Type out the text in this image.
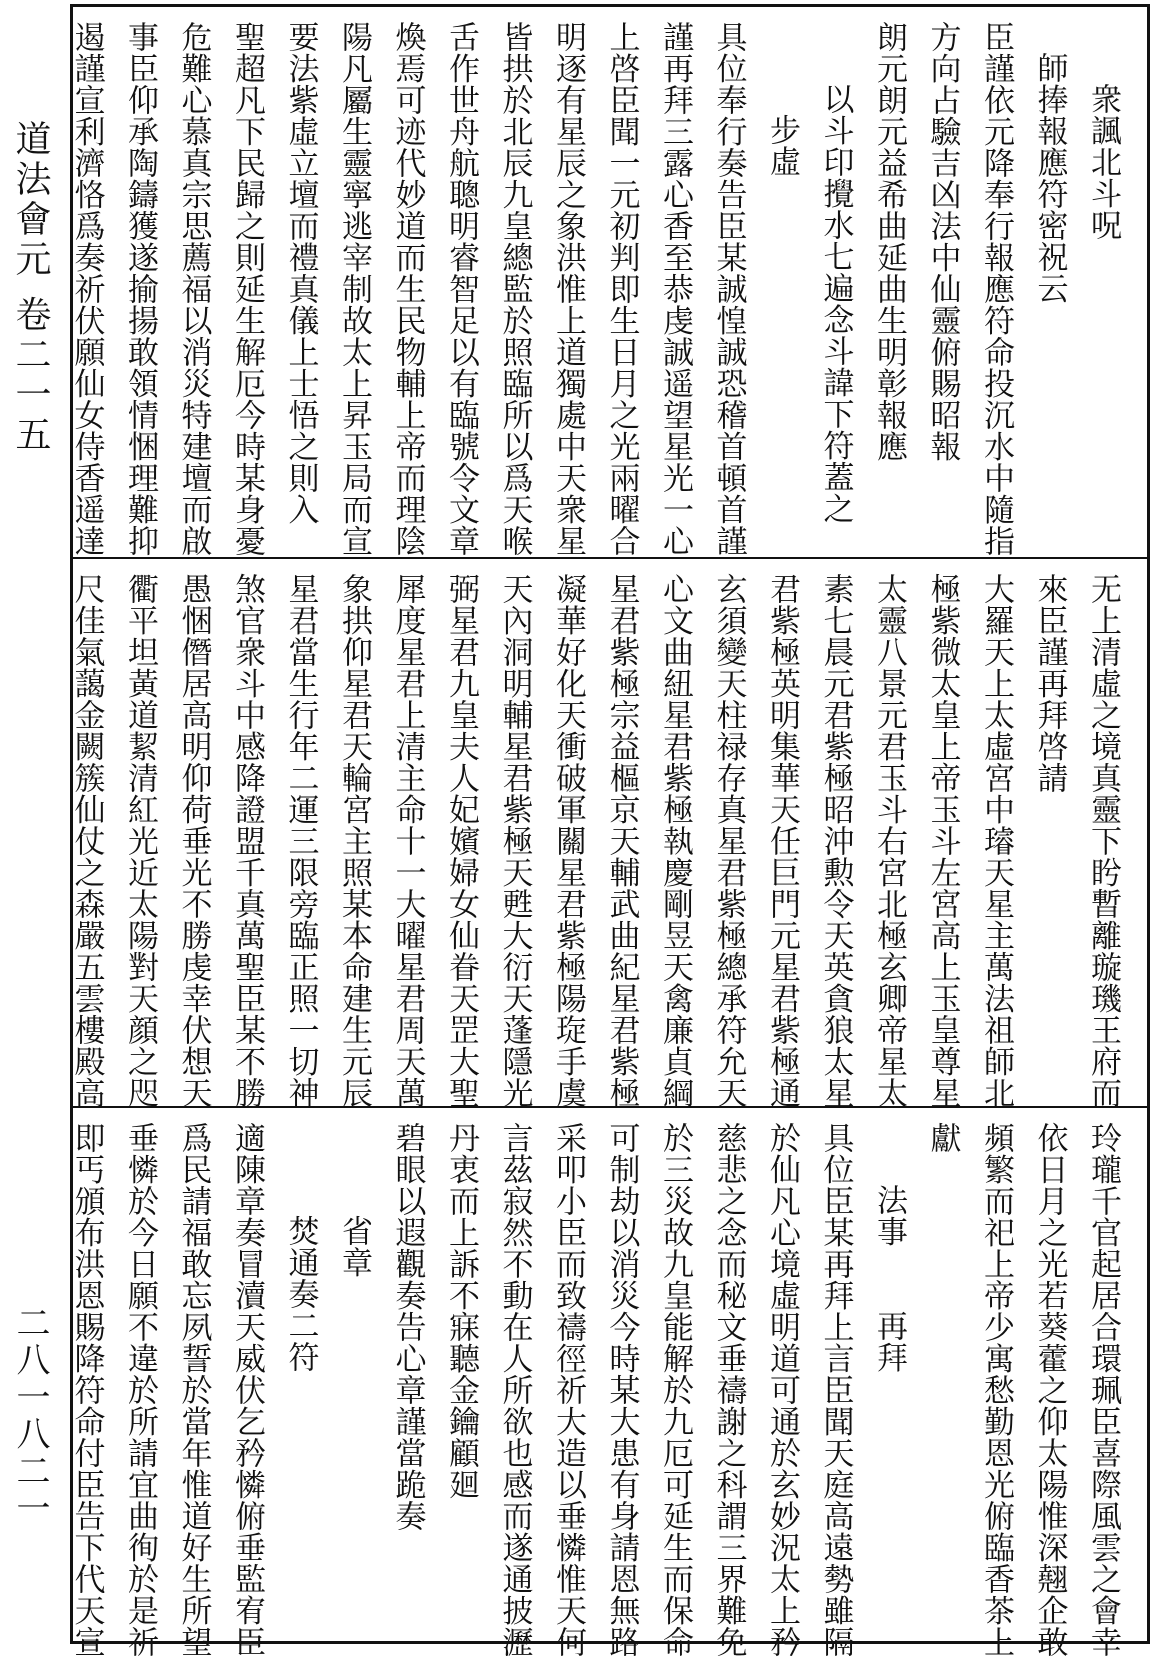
道法會元 卷二一五
二八一八二一
衆諷北斗呪
師捧報應符密祝云
臣謹依元降奉行報應符命投沉水中隨指
方向占驗吉凶法中仙靈俯賜昭報
朗元朗元益希曲延曲生明彰報應
以斗印攪水七遍念斗諱下符蓋之
步虛
具位奉行奏告臣某誠惶誠恐稽首頓首謹
謹再拜三露心香至恭虔誠遥望星光一心
上啓臣聞一元初判即生日月之光兩曜合
明逐有星辰之象洪惟上道獨處中天衆星
皆拱於北辰九皇總監於照臨所以爲天喉
舌作世舟航聰明睿智足以有臨號令文章
煥焉可迹代妙道而生民物輔上帝而理陰
陽凡屬生靈寧逃宰制故太上昇玉局而宣
要法紫虛立壇而禮真儀上士悟之則入
聖超凡下民歸之則延生解厄今時某身憂
危難心慕真宗思薦福以消災特建壇而啟
事臣仰承陶鑄獲遂揄揚敢領情悃理難抑
遏謹宣利濟恪爲奏祈伏願仙女侍香遥達
无上清虛之境真靈下盻暫離璇璣王府而
來臣謹再拜啓請
大羅天上太虛宮中璿天星主萬法祖師北
極紫微太皇上帝玉斗左宮高上玉皇尊星
太靈八景元君玉斗右宮北極玄卿帝星太
素七晨元君紫極昭沖勲令天英貪狼太星
君紫極英明集華天任巨門元星君紫極通
玄須變天柱禄存真星君紫極總承符允天
心文曲紐星君紫極執慶剛昱天禽廉貞綱
星君紫極宗益樞京天輔武曲紀星君紫極
凝華好化天衝破軍關星君紫極陽琁手虞
天內洞明輔星君紫極天甦大衍天蓬隱光
弼星君九皇夫人妃嬪婦女仙眷天罡大聖
犀度星君上清主命十一大曜星君周天萬
象拱仰星君天輪宮主照某本命建生元辰
星君當生行年二運三限旁臨正照一切神
煞官衆斗中感降證盟千真萬聖臣某不勝
愚悃僭居高明仰荷垂光不勝虔幸伏想天
衢平坦黃道絜清紅光近太陽對天顔之咫
尺佳氣藹金闕簇仙仗之森嚴五雲樓殿高
玲瓏千官起居合環珮臣喜際風雲之會幸
依日月之光若葵藿之仰太陽惟深翹企敢
頻繁而祀上帝少寓愁勤恩光俯臨香茶上
獻
法事　　再拜
具位臣某再拜上言臣聞天庭高遠勢雖隔
於仙凡心境虛明道可通於玄妙況太上矜
慈悲之念而秘文垂禱謝之科謂三界難免
於三災故九皇能解於九厄可延生而保命
可制劫以消災今時某大患有身請恩無路
采叩小臣而致禱徑祈大造以垂憐惟天何
言茲寂然不動在人所欲也感而遂通披瀝
丹衷而上訴不寐聽金鑰顧廻
碧眼以遐觀奏告心章謹當跪奏
省章
焚通奏二符
適陳章奏冒瀆天威伏乞矜憐俯垂監宥臣
爲民請福敢忘夙誓於當年惟道好生所望
垂憐於今日願不違於所請宜曲徇於是祈
即丐頒布洪恩賜降符命付臣告下代天宣
